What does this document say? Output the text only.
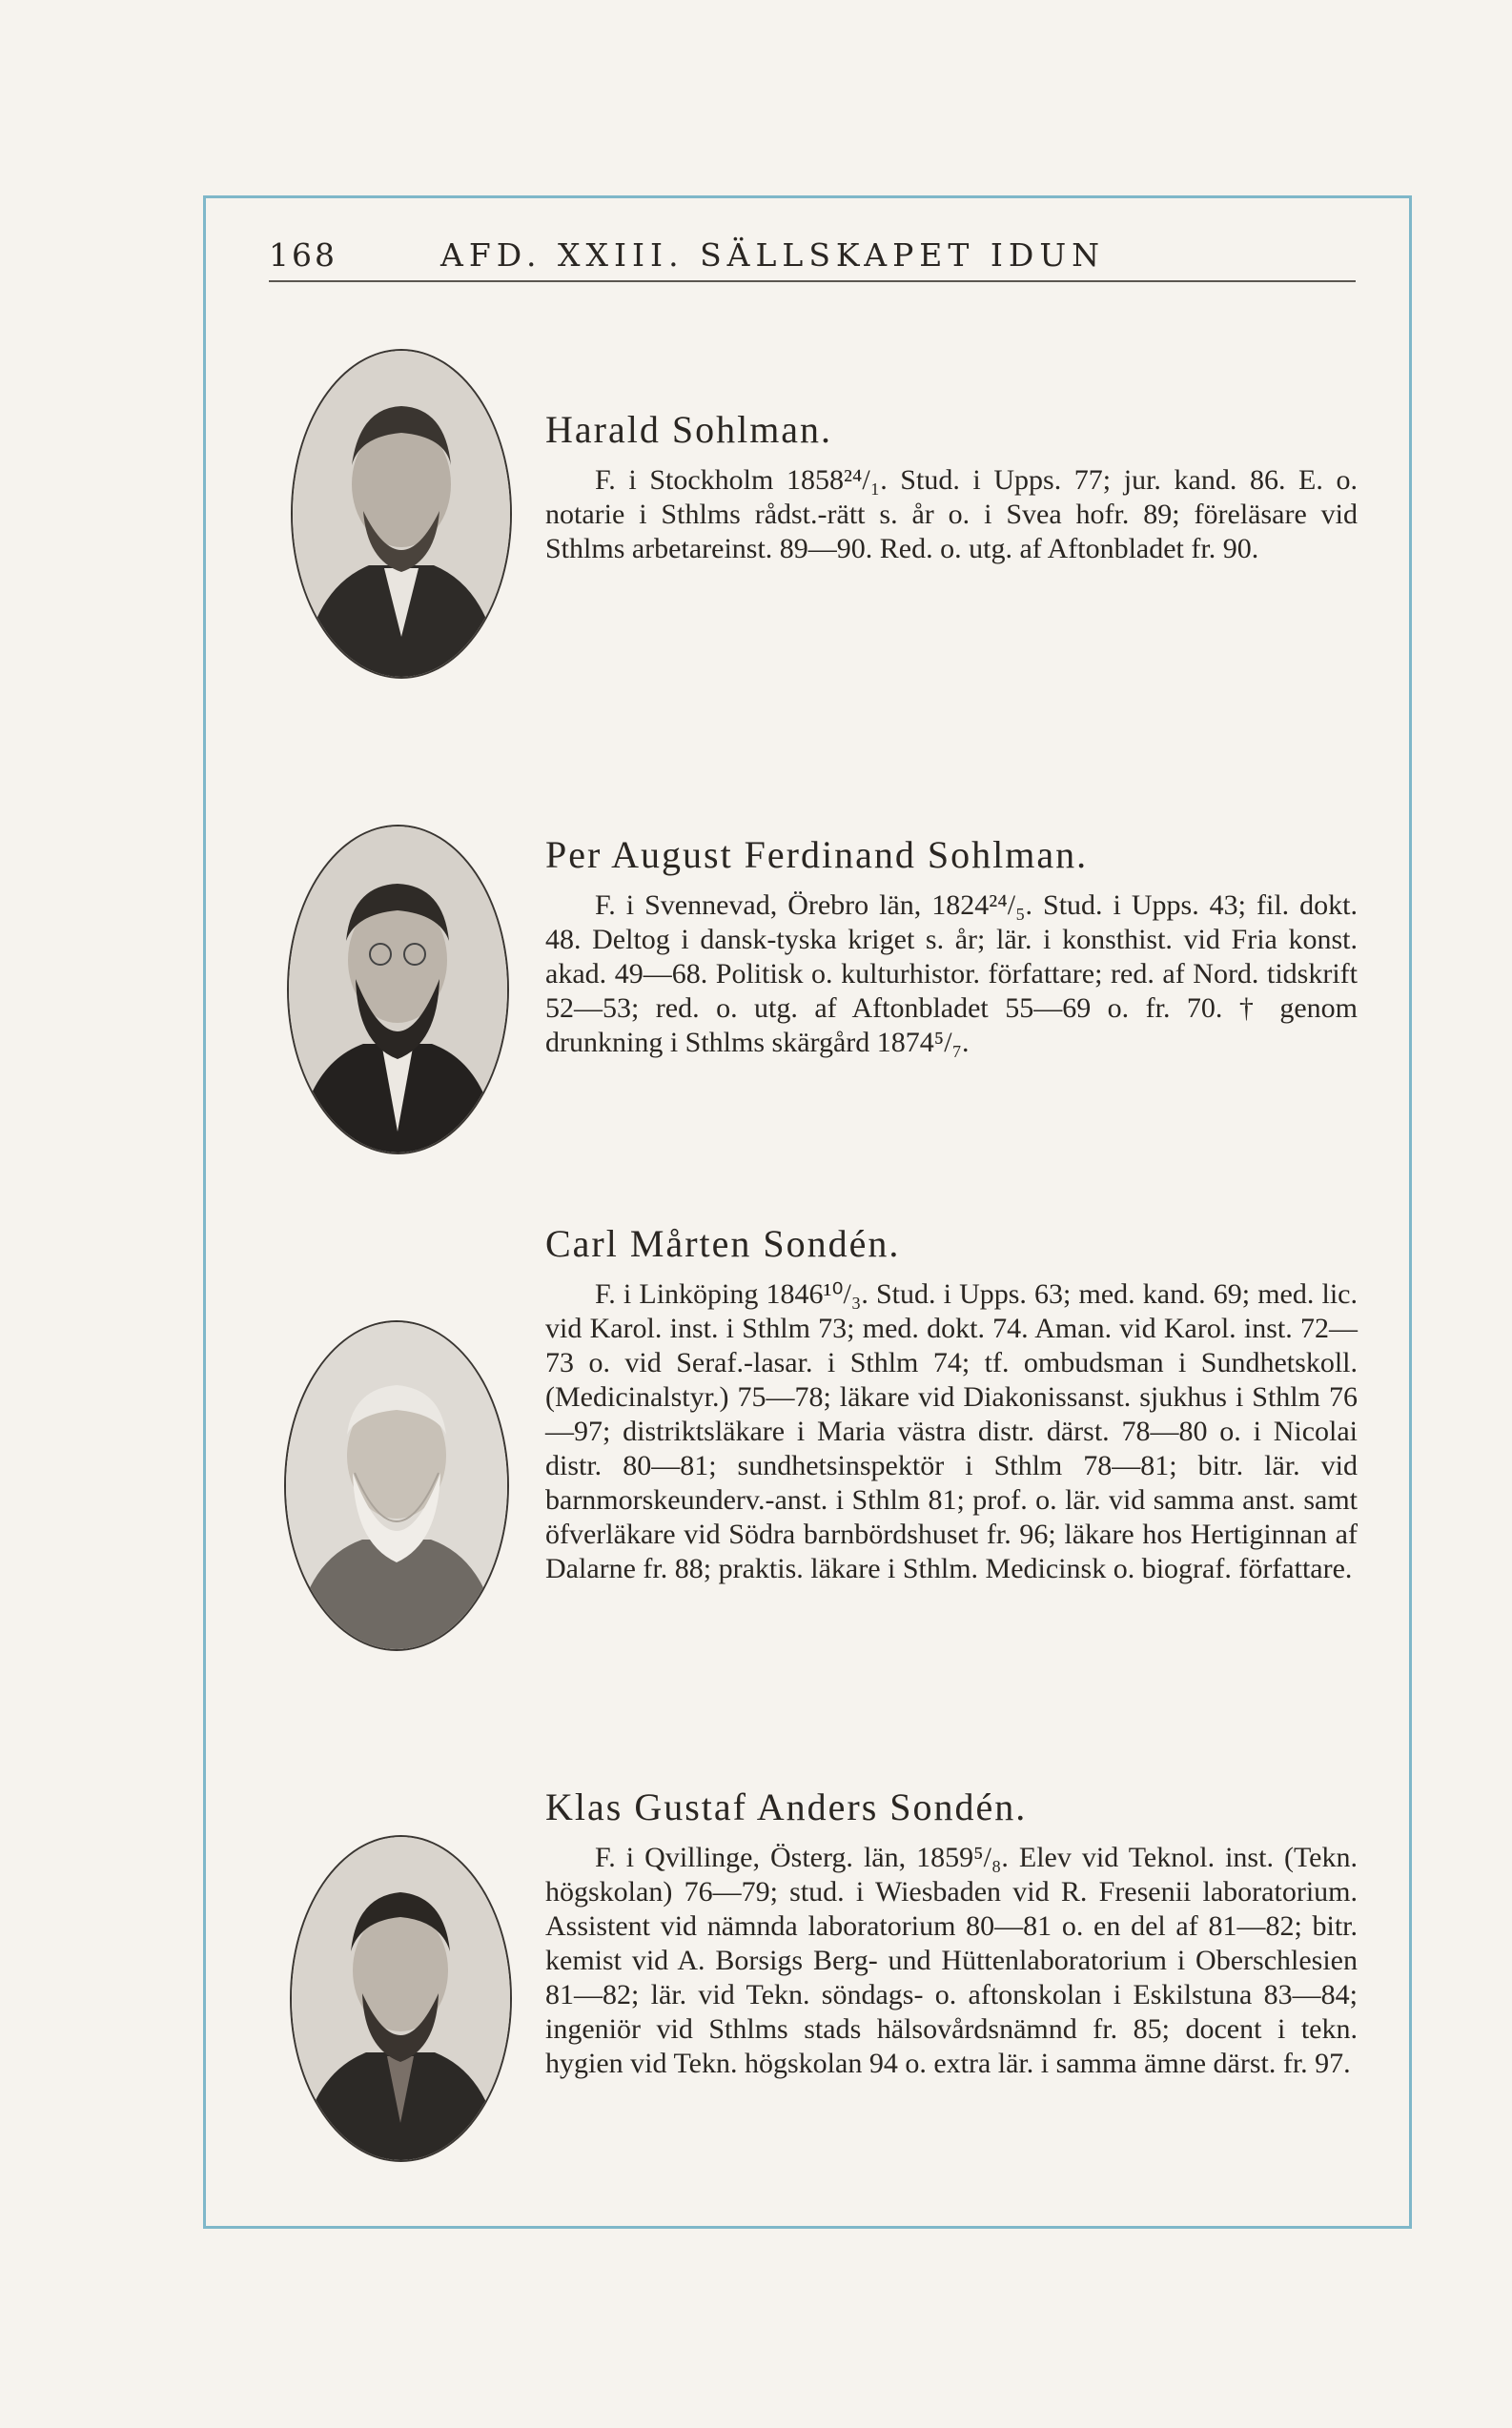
168	AFD. XXIII. SÄLLSKAPET IDUN
Harald Sohlman.

F. i Stockholm 1858²⁴/₁. Stud. i Upps. 77; jur. kand. 86. E. o. notarie i Sthlms rådst.-rätt s. år o. i Svea hofr. 89; föreläsare vid Sthlms arbetareinst. 89—90. Red. o. utg. af Aftonbladet fr. 90.

Per August Ferdinand Sohlman.

F. i Svennevad, Örebro län, 1824²⁴/₅. Stud. i Upps. 43; fil. dokt. 48. Deltog i dansk-tyska kriget s. år; lär. i konsthist. vid Fria konst. akad. 49—68. Politisk o. kulturhistor. författare; red. af Nord. tidskrift 52—53; red. o. utg. af Aftonbladet 55—69 o. fr. 70. † genom drunkning i Sthlms skärgård 1874⁵/₇.

Carl Mårten Sondén.

F. i Linköping 1846¹⁰/₃. Stud. i Upps. 63; med. kand. 69; med. lic. vid Karol. inst. i Sthlm 73; med. dokt. 74. Aman. vid Karol. inst. 72—73 o. vid Seraf.-lasar. i Sthlm 74; tf. ombudsman i Sundhetskoll. (Medicinalstyr.) 75—78; läkare vid Diakonissanst. sjukhus i Sthlm 76—97; distriktsläkare i Maria västra distr. därst. 78—80 o. i Nicolai distr. 80—81; sundhetsinspektör i Sthlm 78—81; bitr. lär. vid barnmorskeunderv.-anst. i Sthlm 81; prof. o. lär. vid samma anst. samt öfverläkare vid Södra barnbördshuset fr. 96; läkare hos Hertiginnan af Dalarne fr. 88; praktis. läkare i Sthlm. Medicinsk o. biograf. författare.

Klas Gustaf Anders Sondén.

F. i Qvillinge, Österg. län, 1859⁵/₈. Elev vid Teknol. inst. (Tekn. högskolan) 76—79; stud. i Wiesbaden vid R. Fresenii laboratorium. Assistent vid nämnda laboratorium 80—81 o. en del af 81—82; bitr. kemist vid A. Borsigs Berg- und Hüttenlaboratorium i Oberschlesien 81—82; lär. vid Tekn. söndags- o. aftonskolan i Eskilstuna 83—84; ingeniör vid Sthlms stads hälsovårdsnämnd fr. 85; docent i tekn. hygien vid Tekn. högskolan 94 o. extra lär. i samma ämne därst. fr. 97.
